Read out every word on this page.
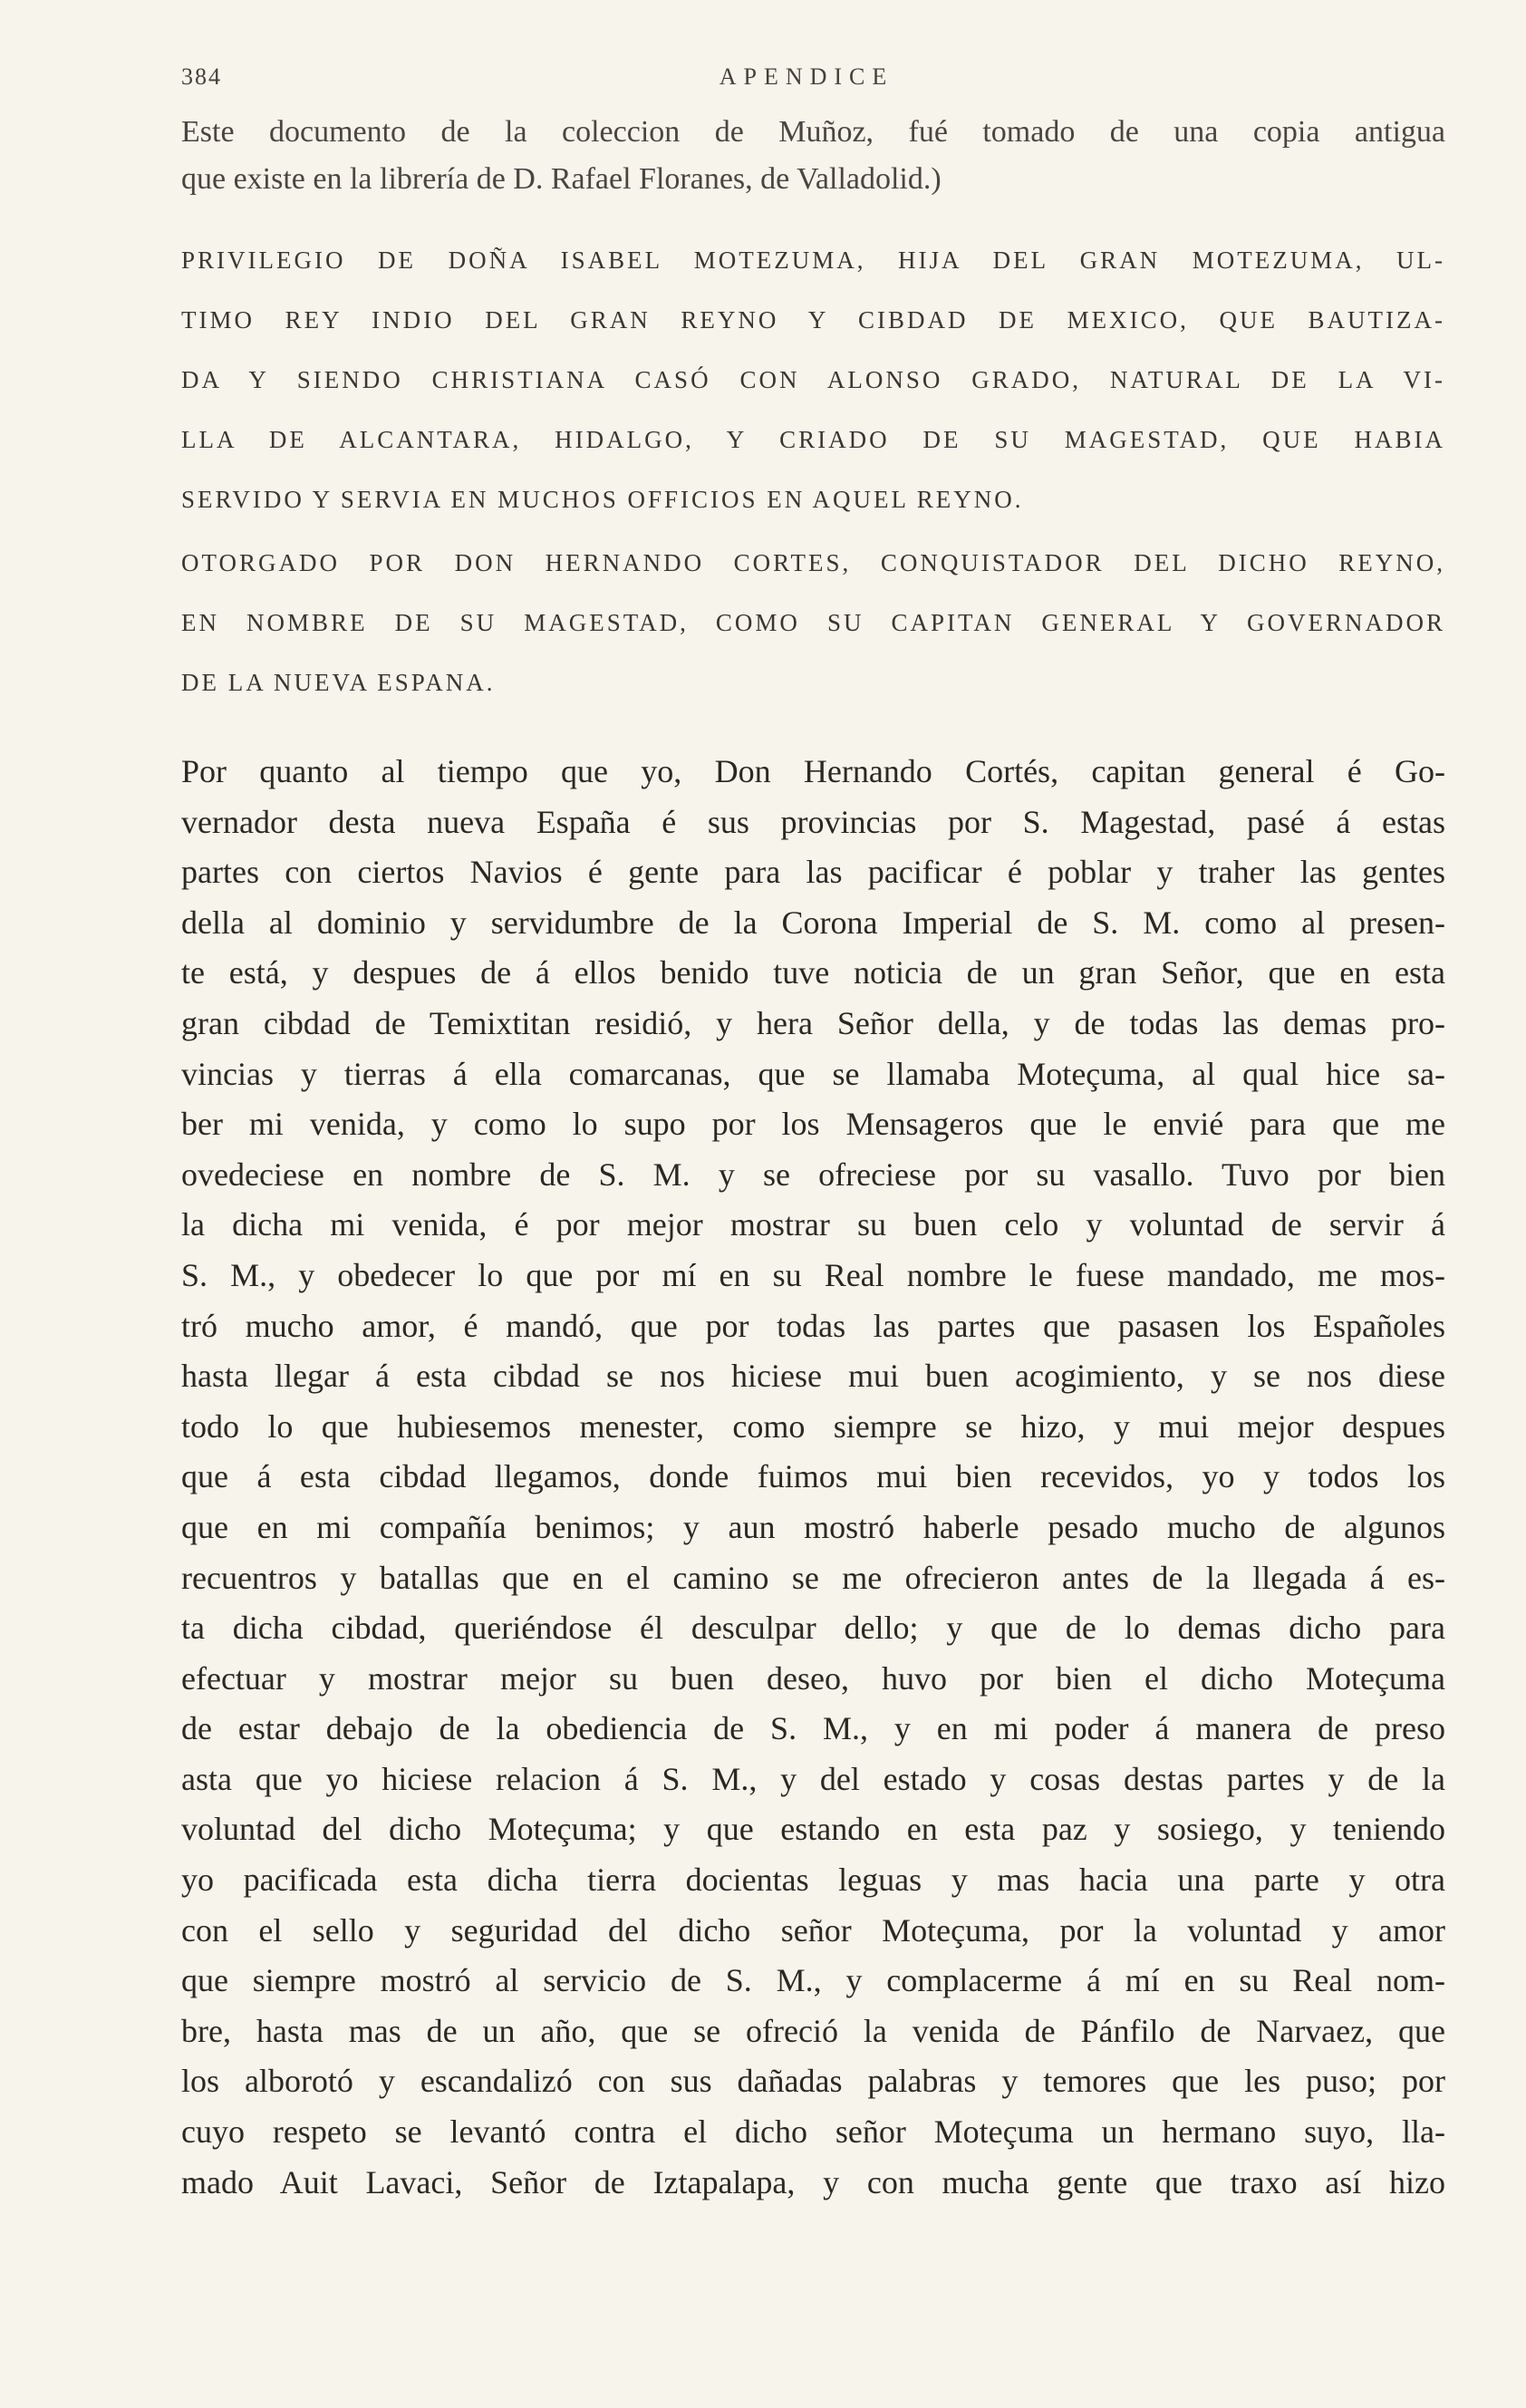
384	APENDICE
Este documento de la coleccion de Muñoz, fué tomado de una copia antigua
que existe en la librería de D. Rafael Floranes, de Valladolid.)
PRIVILEGIO DE DOÑA ISABEL MOTEZUMA, HIJA DEL GRAN MOTEZUMA, UL-
TIMO REY INDIO DEL GRAN REYNO Y CIBDAD DE MEXICO, QUE BAUTIZA-
DA Y SIENDO CHRISTIANA CASÓ CON ALONSO GRADO, NATURAL DE LA VI-
LLA DE ALCANTARA, HIDALGO, Y CRIADO DE SU MAGESTAD, QUE HABIA
SERVIDO Y SERVIA EN MUCHOS OFFICIOS EN AQUEL REYNO.
OTORGADO POR DON HERNANDO CORTES, CONQUISTADOR DEL DICHO REYNO,
EN NOMBRE DE SU MAGESTAD, COMO SU CAPITAN GENERAL Y GOVERNADOR
DE LA NUEVA ESPANA.
Por quanto al tiempo que yo, Don Hernando Cortés, capitan general é Go-
vernador desta nueva España é sus provincias por S. Magestad, pasé á estas
partes con ciertos Navios é gente para las pacificar é poblar y traher las gentes
della al dominio y servidumbre de la Corona Imperial de S. M. como al presen-
te está, y despues de á ellos benido tuve noticia de un gran Señor, que en esta
gran cibdad de Temixtitan residió, y hera Señor della, y de todas las demas pro-
vincias y tierras á ella comarcanas, que se llamaba Moteçuma, al qual hice sa-
ber mi venida, y como lo supo por los Mensageros que le envié para que me
ovedeciese en nombre de S. M. y se ofreciese por su vasallo. Tuvo por bien
la dicha mi venida, é por mejor mostrar su buen celo y voluntad de servir á
S. M., y obedecer lo que por mí en su Real nombre le fuese mandado, me mos-
tró mucho amor, é mandó, que por todas las partes que pasasen los Españoles
hasta llegar á esta cibdad se nos hiciese mui buen acogimiento, y se nos diese
todo lo que hubiesemos menester, como siempre se hizo, y mui mejor despues
que á esta cibdad llegamos, donde fuimos mui bien recevidos, yo y todos los
que en mi compañía benimos; y aun mostró haberle pesado mucho de algunos
recuentros y batallas que en el camino se me ofrecieron antes de la llegada á es-
ta dicha cibdad, queriéndose él desculpar dello; y que de lo demas dicho para
efectuar y mostrar mejor su buen deseo, huvo por bien el dicho Moteçuma
de estar debajo de la obediencia de S. M., y en mi poder á manera de preso
asta que yo hiciese relacion á S. M., y del estado y cosas destas partes y de la
voluntad del dicho Moteçuma; y que estando en esta paz y sosiego, y teniendo
yo pacificada esta dicha tierra docientas leguas y mas hacia una parte y otra
con el sello y seguridad del dicho señor Moteçuma, por la voluntad y amor
que siempre mostró al servicio de S. M., y complacerme á mí en su Real nom-
bre, hasta mas de un año, que se ofreció la venida de Pánfilo de Narvaez, que
los alborotó y escandalizó con sus dañadas palabras y temores que les puso; por
cuyo respeto se levantó contra el dicho señor Moteçuma un hermano suyo, lla-
mado Auit Lavaci, Señor de Iztapalapa, y con mucha gente que traxo así hizo
